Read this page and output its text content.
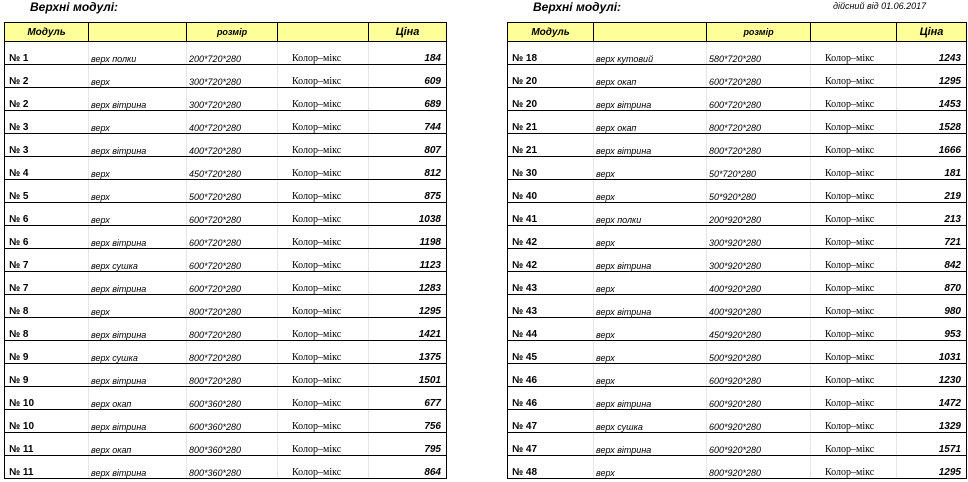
Верхні модулі:	Верхні модулі:	дійсний від 01.06.2017
Модуль		розмір		Ціна
№ 1	верх полки	200*720*280	Колор–мікс	184
№ 2	верх	300*720*280	Колор–мікс	609
№ 2	верх вітрина	300*720*280	Колор–мікс	689
№ 3	верх	400*720*280	Колор–мікс	744
№ 3	верх вітрина	400*720*280	Колор–мікс	807
№ 4	верх	450*720*280	Колор–мікс	812
№ 5	верх	500*720*280	Колор–мікс	875
№ 6	верх	600*720*280	Колор–мікс	1038
№ 6	верх вітрина	600*720*280	Колор–мікс	1198
№ 7	верх сушка	600*720*280	Колор–мікс	1123
№ 7	верх вітрина	600*720*280	Колор–мікс	1283
№ 8	верх	800*720*280	Колор–мікс	1295
№ 8	верх вітрина	800*720*280	Колор–мікс	1421
№ 9	верх сушка	800*720*280	Колор–мікс	1375
№ 9	верх вітрина	800*720*280	Колор–мікс	1501
№ 10	верх окап	600*360*280	Колор–мікс	677
№ 10	верх вітрина	600*360*280	Колор–мікс	756
№ 11	верх окап	800*360*280	Колор–мікс	795
№ 11	верх вітрина	800*360*280	Колор–мікс	864
Модуль		розмір		Ціна
№ 18	верх кутовий	580*720*280	Колор–мікс	1243
№ 20	верх окап	600*720*280	Колор–мікс	1295
№ 20	верх вітрина	600*720*280	Колор–мікс	1453
№ 21	верх окап	800*720*280	Колор–мікс	1528
№ 21	верх вітрина	800*720*280	Колор–мікс	1666
№ 30	верх	50*720*280	Колор–мікс	181
№ 40	верх	50*920*280	Колор–мікс	219
№ 41	верх полки	200*920*280	Колор–мікс	213
№ 42	верх	300*920*280	Колор–мікс	721
№ 42	верх вітрина	300*920*280	Колор–мікс	842
№ 43	верх	400*920*280	Колор–мікс	870
№ 43	верх вітрина	400*920*280	Колор–мікс	980
№ 44	верх	450*920*280	Колор–мікс	953
№ 45	верх	500*920*280	Колор–мікс	1031
№ 46	верх	600*920*280	Колор–мікс	1230
№ 46	верх вітрина	600*920*280	Колор–мікс	1472
№ 47	верх сушка	600*920*280	Колор–мікс	1329
№ 47	верх вітрина	600*920*280	Колор–мікс	1571
№ 48	верх	800*920*280	Колор–мікс	1295
